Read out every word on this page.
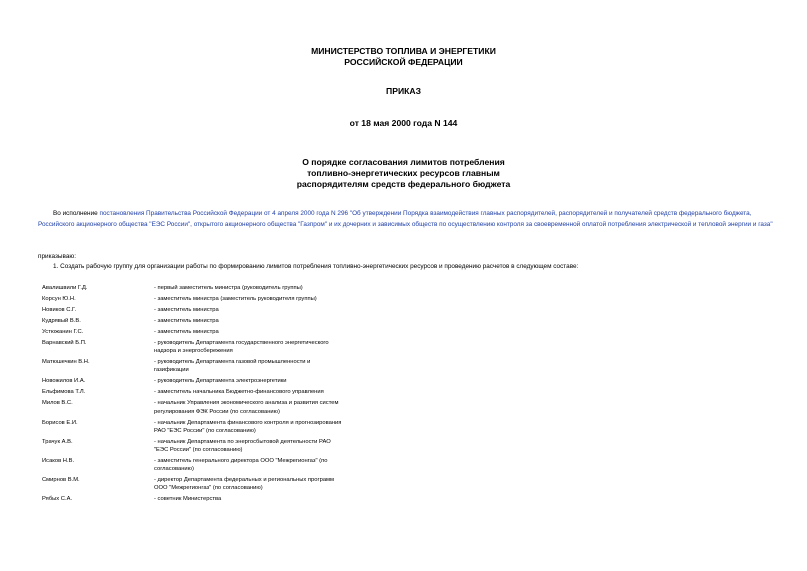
МИНИСТЕРСТВО ТОПЛИВА И ЭНЕРГЕТИКИ
РОССИЙСКОЙ ФЕДЕРАЦИИ
ПРИКАЗ
от 18 мая 2000 года N 144
О порядке согласования лимитов потребления
топливно-энергетических ресурсов главным
распорядителям средств федерального бюджета
Во исполнение постановления Правительства Российской Федерации от 4 апреля 2000 года N 296 "Об утверждении Порядка взаимодействия главных распорядителей, распорядителей и получателей средств федерального бюджета, Российского акционерного общества "ЕЭС России", открытого акционерного общества "Газпром" и их дочерних и зависимых обществ по осуществлению контроля за своевременной оплатой потребления электрической и тепловой энергии и газа"
приказываю:
1. Создать рабочую группу для организации работы по формированию лимитов потребления топливно-энергетических ресурсов и проведению расчетов в следующем составе:
Авалишвили Г.Д.	- первый заместитель министра (руководитель группы)
Корсун Ю.Н.	- заместитель министра (заместитель руководителя группы)
Новиков С.Г.	- заместитель министра
Кудрявый В.В.	- заместитель министра
Устюжанин Г.С.	- заместитель министра
Варнавский Б.П.	- руководитель Департамента государственного энергетического надзора и энергосбережения
Матюшечкин В.Н.	- руководитель Департамента газовой промышленности и газификации
Новожилов И.А.	- руководитель Департамента электроэнергетики
Ельфимова Т.Л.	- заместитель начальника Бюджетно-финансового управления
Милов В.С.	- начальник Управления экономического анализа и развития систем регулирования ФЭК России (по согласованию)
Борисов Е.И.	- начальник Департамента финансового контроля и прогнозирования РАО "ЕЭС России" (по согласованию)
Трачук А.В.	- начальник Департамента по энергосбытовой деятельности РАО "ЕЭС России" (по согласованию)
Исаков Н.В.	- заместитель генерального директора ООО "Межрегионгаз" (по согласованию)
Смирнов В.М.	- директор Департамента федеральных и региональных программ ООО "Межрегионгаз" (по согласованию)
Рябых С.А.	- советник Министерства
